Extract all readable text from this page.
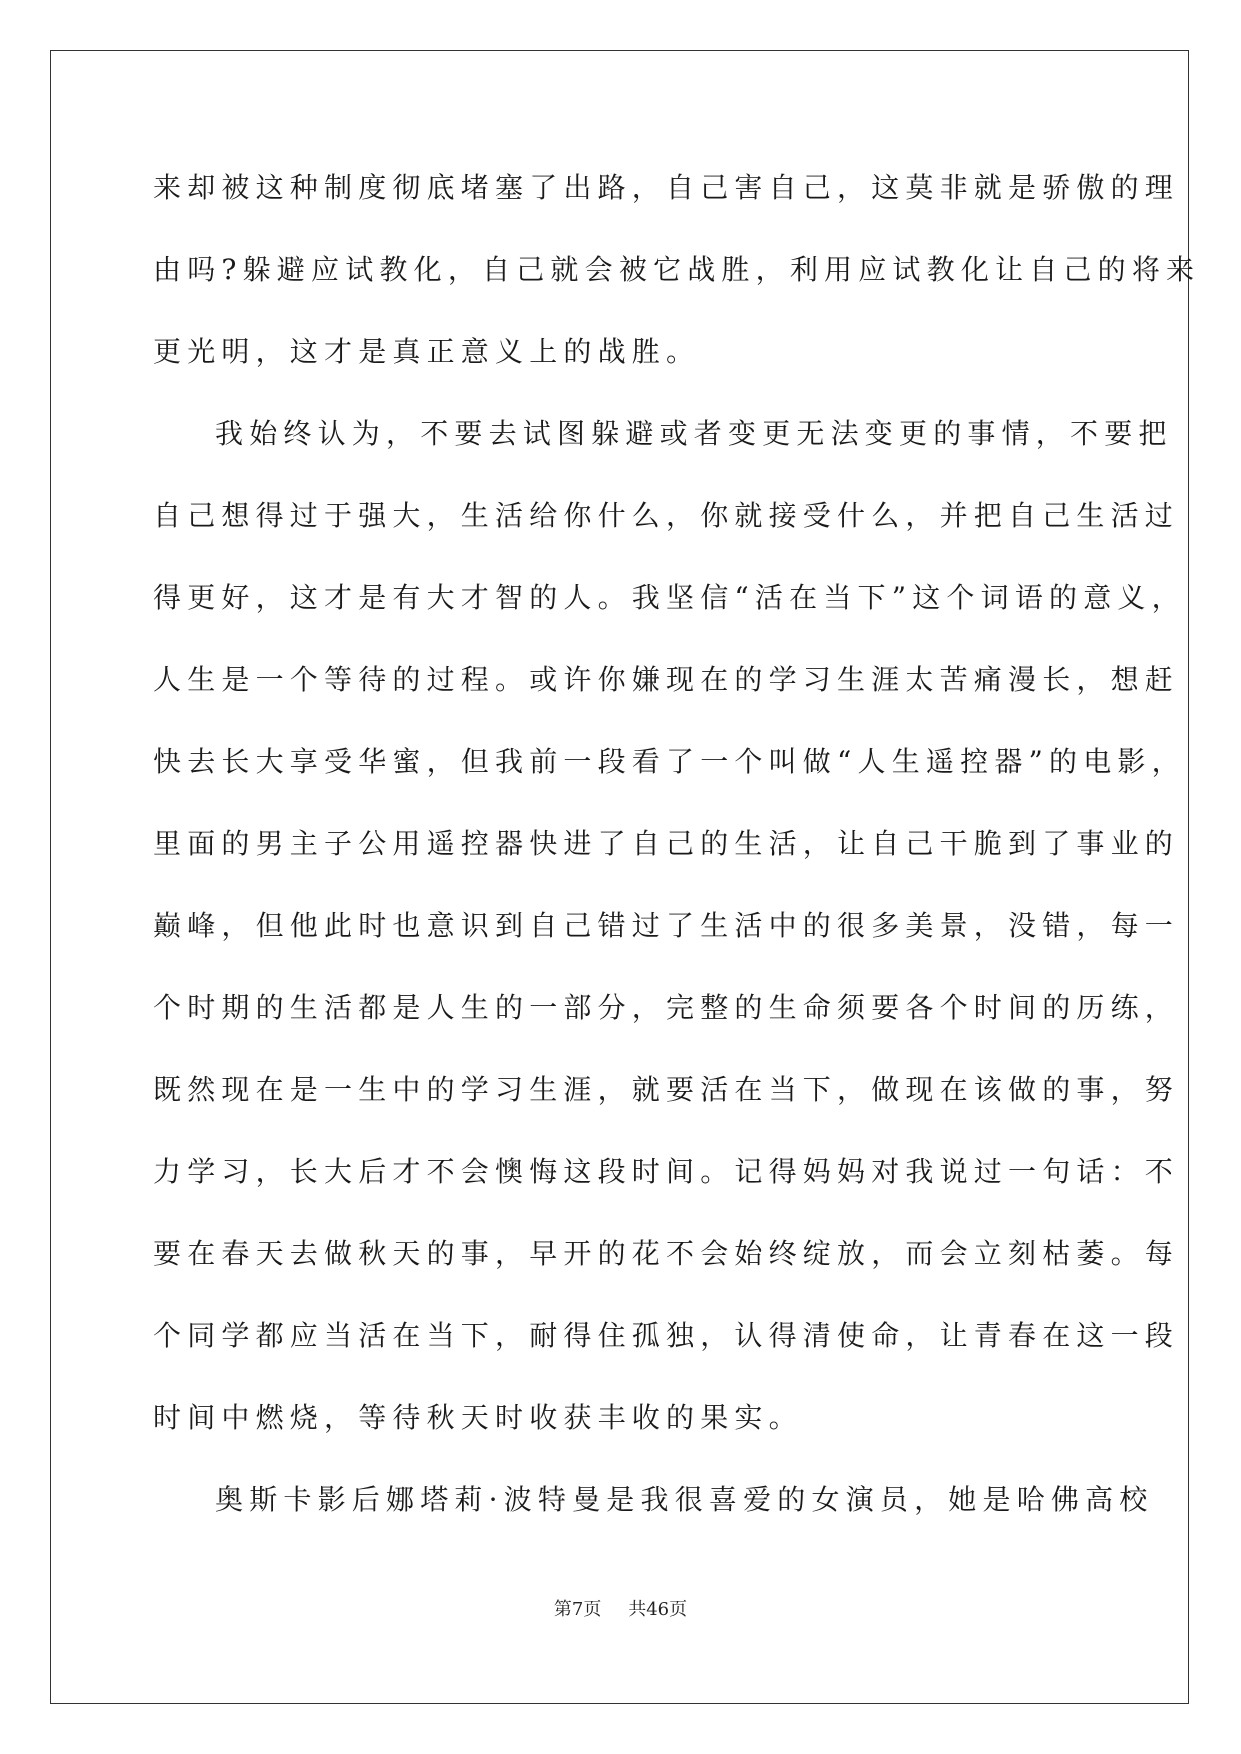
来却被这种制度彻底堵塞了出路，自己害自己，这莫非就是骄傲的理
由吗?躲避应试教化，自己就会被它战胜，利用应试教化让自己的将来
更光明，这才是真正意义上的战胜。
我始终认为，不要去试图躲避或者变更无法变更的事情，不要把
自己想得过于强大，生活给你什么，你就接受什么，并把自己生活过
得更好，这才是有大才智的人。我坚信“活在当下”这个词语的意义，
人生是一个等待的过程。或许你嫌现在的学习生涯太苦痛漫长，想赶
快去长大享受华蜜，但我前一段看了一个叫做“人生遥控器”的电影，
里面的男主子公用遥控器快进了自己的生活，让自己干脆到了事业的
巅峰，但他此时也意识到自己错过了生活中的很多美景，没错，每一
个时期的生活都是人生的一部分，完整的生命须要各个时间的历练，
既然现在是一生中的学习生涯，就要活在当下，做现在该做的事，努
力学习，长大后才不会懊悔这段时间。记得妈妈对我说过一句话：不
要在春天去做秋天的事，早开的花不会始终绽放，而会立刻枯萎。每
个同学都应当活在当下，耐得住孤独，认得清使命，让青春在这一段
时间中燃烧，等待秋天时收获丰收的果实。
奥斯卡影后娜塔莉·波特曼是我很喜爱的女演员，她是哈佛高校
第7页 共46页
